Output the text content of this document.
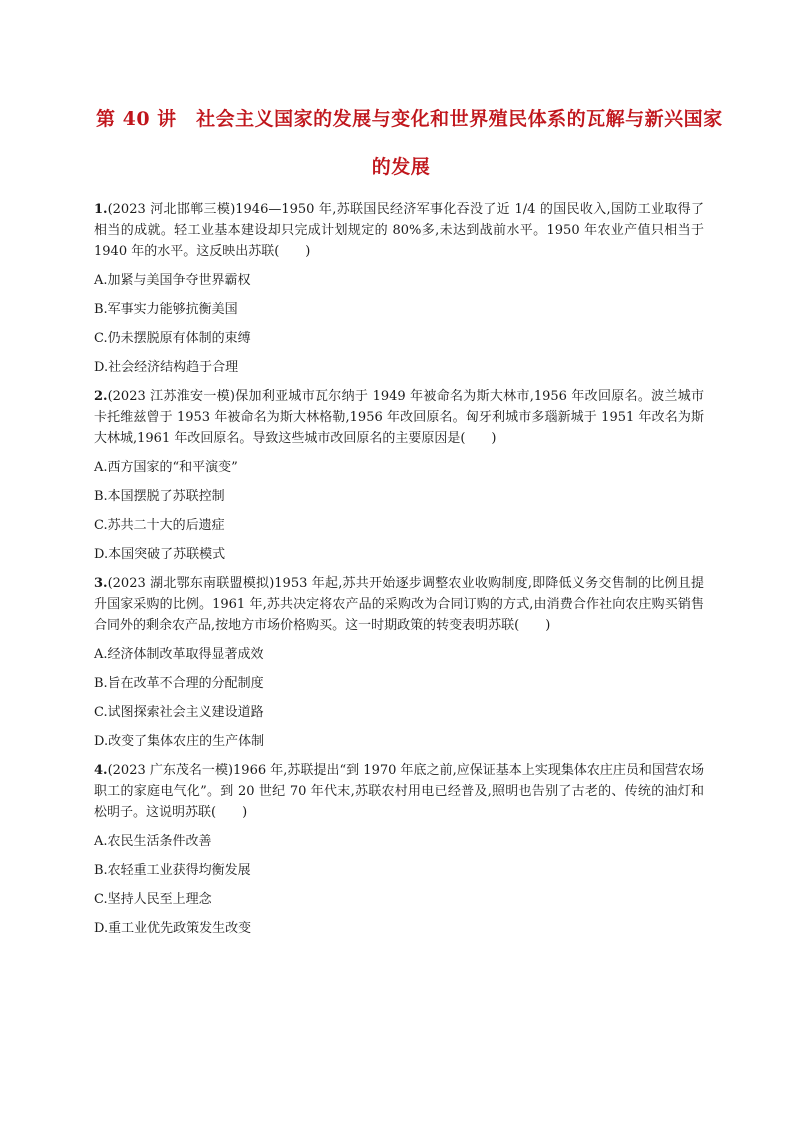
第 40 讲　社会主义国家的发展与变化和世界殖民体系的瓦解与新兴国家
的发展

1.(2023 河北邯郸三模)1946—1950 年,苏联国民经济军事化吞没了近 1/4 的国民收入,国防工业取得了相当的成就。轻工业基本建设却只完成计划规定的 80%多,未达到战前水平。1950 年农业产值只相当于 1940 年的水平。这反映出苏联(　　)

A.加紧与美国争夺世界霸权
B.军事实力能够抗衡美国
C.仍未摆脱原有体制的束缚
D.社会经济结构趋于合理

2.(2023 江苏淮安一模)保加利亚城市瓦尔纳于 1949 年被命名为斯大林市,1956 年改回原名。波兰城市卡托维兹曾于 1953 年被命名为斯大林格勒,1956 年改回原名。匈牙利城市多瑙新城于 1951 年改名为斯大林城,1961 年改回原名。导致这些城市改回原名的主要原因是(　　)

A.西方国家的“和平演变”
B.本国摆脱了苏联控制
C.苏共二十大的后遗症
D.本国突破了苏联模式

3.(2023 湖北鄂东南联盟模拟)1953 年起,苏共开始逐步调整农业收购制度,即降低义务交售制的比例且提升国家采购的比例。1961 年,苏共决定将农产品的采购改为合同订购的方式,由消费合作社向农庄购买销售合同外的剩余农产品,按地方市场价格购买。这一时期政策的转变表明苏联(　　)

A.经济体制改革取得显著成效
B.旨在改革不合理的分配制度
C.试图探索社会主义建设道路
D.改变了集体农庄的生产体制

4.(2023 广东茂名一模)1966 年,苏联提出“到 1970 年底之前,应保证基本上实现集体农庄庄员和国营农场职工的家庭电气化”。到 20 世纪 70 年代末,苏联农村用电已经普及,照明也告别了古老的、传统的油灯和松明子。这说明苏联(　　)

A.农民生活条件改善
B.农轻重工业获得均衡发展
C.坚持人民至上理念
D.重工业优先政策发生改变
